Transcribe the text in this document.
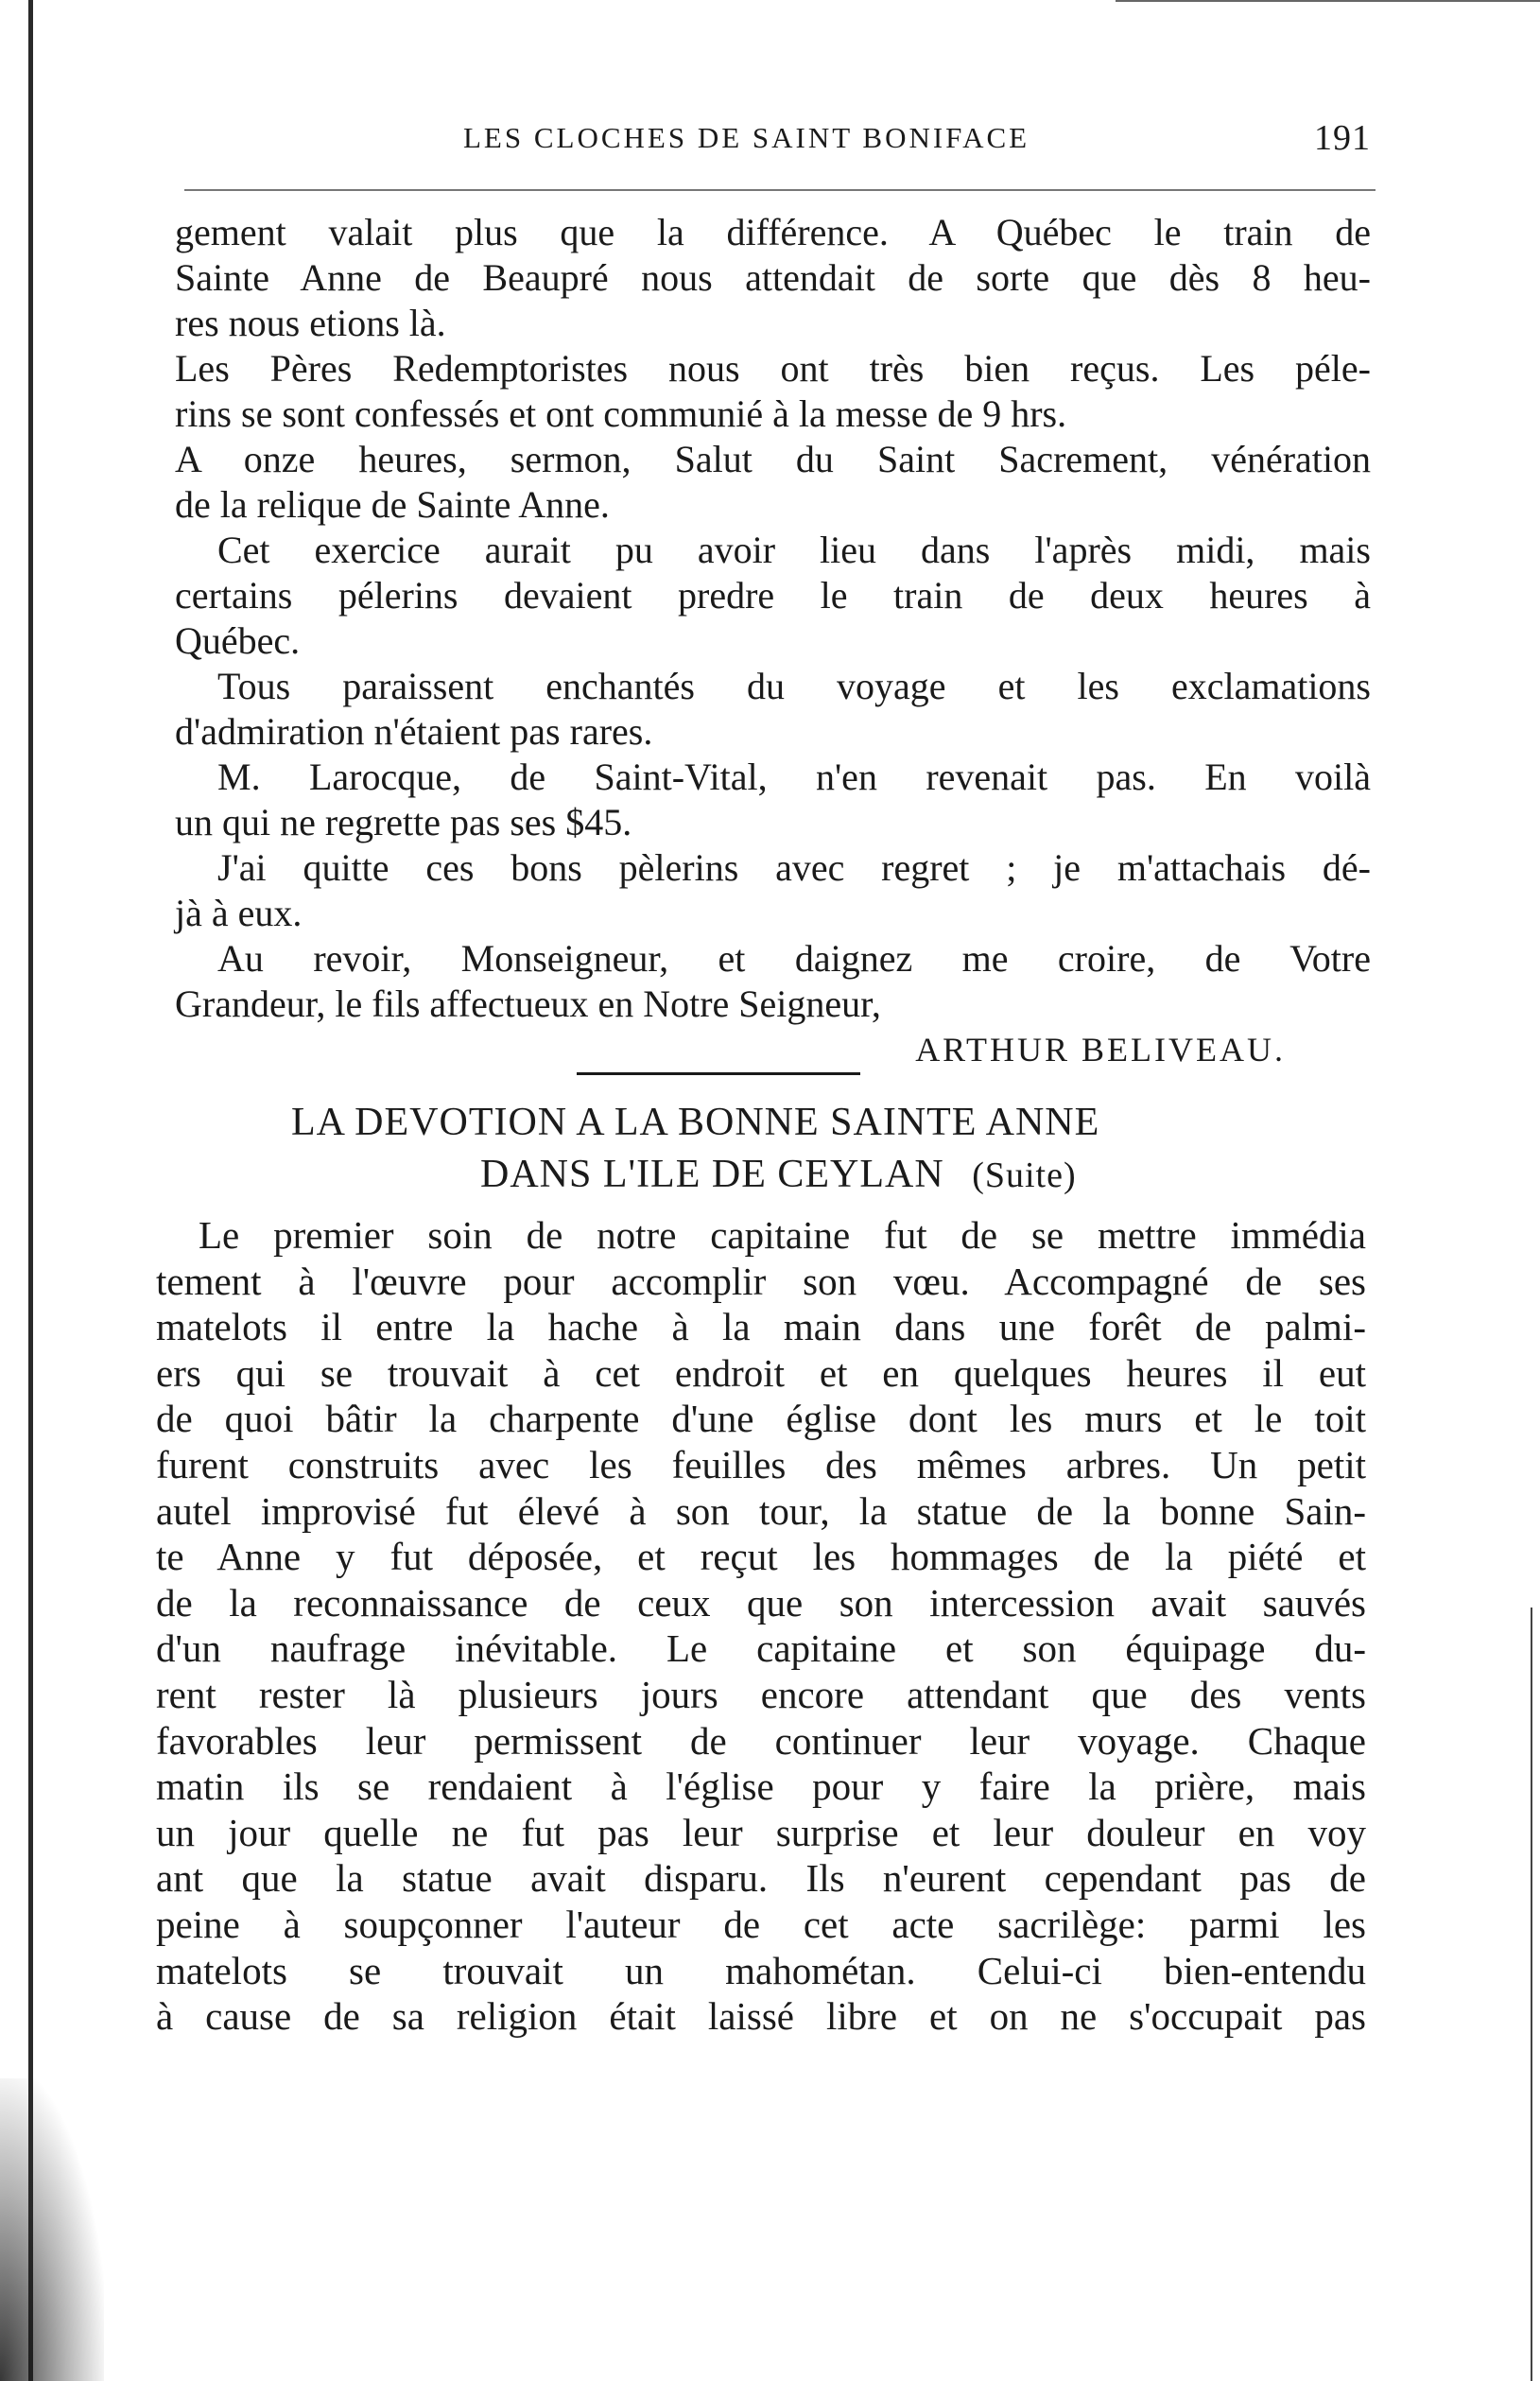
LES CLOCHES DE SAINT BONIFACE	191
gement valait plus que la différence. A Québec le train de
Sainte Anne de Beaupré nous attendait de sorte que dès 8 heu-
res nous etions là.
Les Pères Redemptoristes nous ont très bien reçus. Les péle-
rins se sont confessés et ont communié à la messe de 9 hrs.
A onze heures, sermon, Salut du Saint Sacrement, vénération
de la relique de Sainte Anne.
Cet exercice aurait pu avoir lieu dans l'après midi, mais
certains pélerins devaient predre le train de deux heures à
Québec.
Tous paraissent enchantés du voyage et les exclamations
d'admiration n'étaient pas rares.
M. Larocque, de Saint-Vital, n'en revenait pas. En voilà
un qui ne regrette pas ses $45.
J'ai quitte ces bons pèlerins avec regret ; je m'attachais dé-
jà à eux.
Au revoir, Monseigneur, et daignez me croire, de Votre
Grandeur, le fils affectueux en Notre Seigneur,
ARTHUR BELIVEAU.
LA DEVOTION A LA BONNE SAINTE ANNE
DANS L'ILE DE CEYLAN (Suite)
Le premier soin de notre capitaine fut de se mettre immédia
tement à l'œuvre pour accomplir son vœu. Accompagné de ses
matelots il entre la hache à la main dans une forêt de palmi-
ers qui se trouvait à cet endroit et en quelques heures il eut
de quoi bâtir la charpente d'une église dont les murs et le toit
furent construits avec les feuilles des mêmes arbres. Un petit
autel improvisé fut élevé à son tour, la statue de la bonne Sain-
te Anne y fut déposée, et reçut les hommages de la piété et
de la reconnaissance de ceux que son intercession avait sauvés
d'un naufrage inévitable. Le capitaine et son équipage du-
rent rester là plusieurs jours encore attendant que des vents
favorables leur permissent de continuer leur voyage. Chaque
matin ils se rendaient à l'église pour y faire la prière, mais
un jour quelle ne fut pas leur surprise et leur douleur en voy
ant que la statue avait disparu. Ils n'eurent cependant pas de
peine à soupçonner l'auteur de cet acte sacrilège: parmi les
matelots se trouvait un mahométan. Celui-ci bien-entendu
à cause de sa religion était laissé libre et on ne s'occupait pas
